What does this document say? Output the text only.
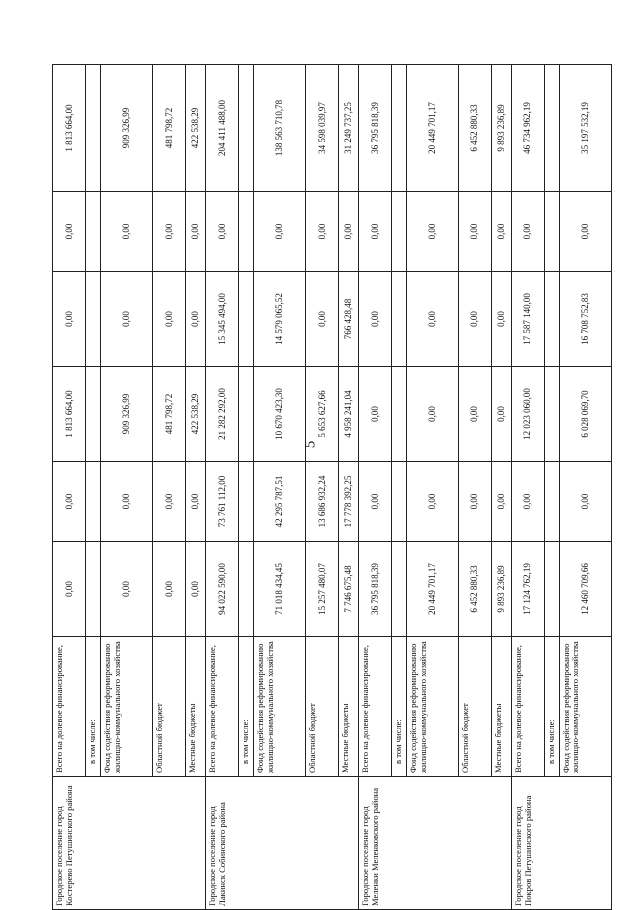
5
Городское поселение город Костерево Петушинского района	Всего на долевое финансирование,	0,00	0,00	1 813 664,00	0,00	0,00	1 813 664,00
	в том числе:						
	Фонд содействия реформированию жилищно-коммунального хозяйства	0,00	0,00	909 326,99	0,00	0,00	909 326,99
	Областной бюджет	0,00	0,00	481 798,72	0,00	0,00	481 798,72
	Местные бюджеты	0,00	0,00	422 538,29	0,00	0,00	422 538,29
Городское поселение город Лакинск Собинского района	Всего на долевое финансирование,	94 022 590,00	73 761 112,00	21 282 292,00	15 345 494,00	0,00	204 411 488,00
	в том числе:						
	Фонд содействия реформированию жилищно-коммунального хозяйства	71 018 434,45	42 295 787,51	10 670 423,30	14 579 065,52	0,00	138 563 710,78
	Областной бюджет	15 257 480,07	13 686 932,24	5 653 627,66	0,00	0,00	34 598 039,97
	Местные бюджеты	7 746 675,48	17 778 392,25	4 958 241,04	766 428,48	0,00	31 249 737,25
Городское поселение город Меленки Меленковского района	Всего на долевое финансирование,	36 795 818,39	0,00	0,00	0,00	0,00	36 795 818,39
	в том числе:						
	Фонд содействия реформированию жилищно-коммунального хозяйства	20 449 701,17	0,00	0,00	0,00	0,00	20 449 701,17
	Областной бюджет	6 452 880,33	0,00	0,00	0,00	0,00	6 452 880,33
	Местные бюджеты	9 893 236,89	0,00	0,00	0,00	0,00	9 893 236,89
Городское поселение город Покров Петушинского района	Всего на долевое финансирование,	17 124 762,19	0,00	12 023 060,00	17 587 140,00	0,00	46 734 962,19
	в том числе:						
	Фонд содействия реформированию жилищно-коммунального хозяйства	12 460 709,66	0,00	6 028 069,70	16 708 752,83	0,00	35 197 532,19
